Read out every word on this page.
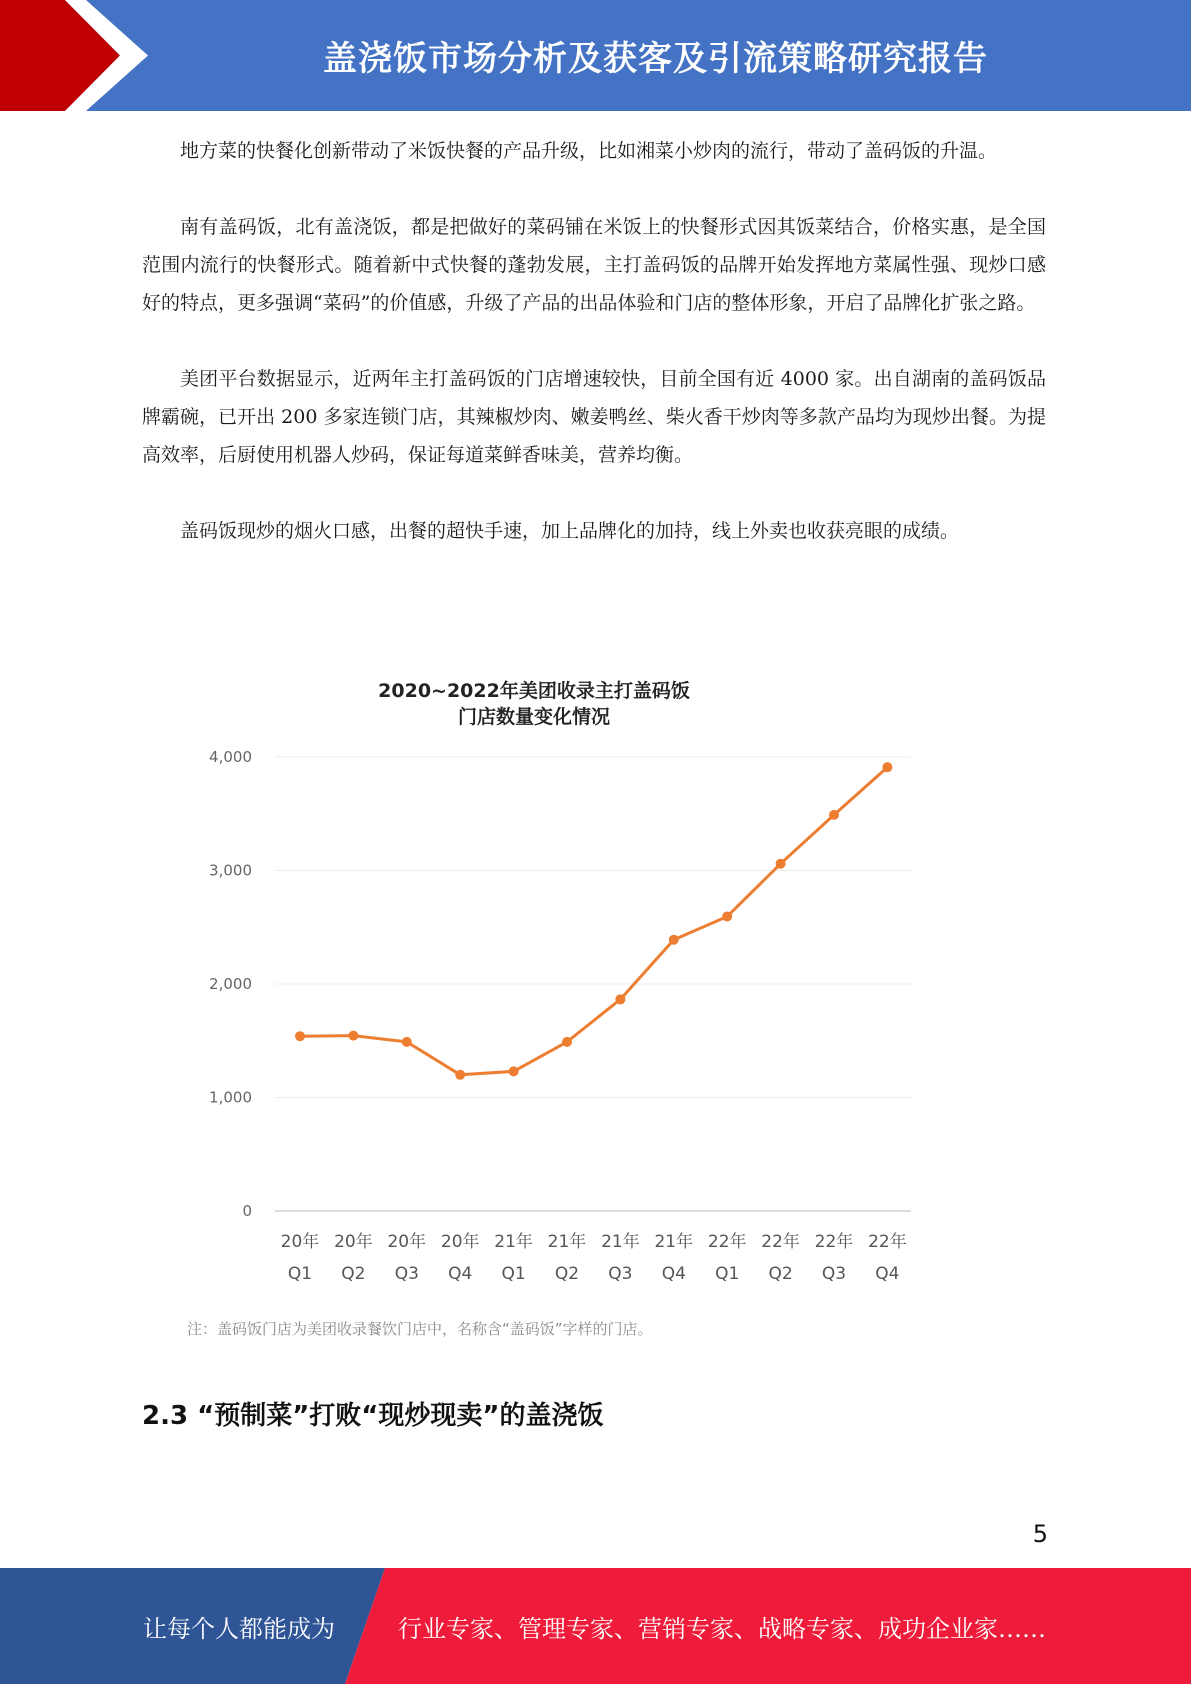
盖浇饭市场分析及获客及引流策略研究报告

地方菜的快餐化创新带动了米饭快餐的产品升级，比如湘菜小炒肉的流行，带动了盖码饭的升温。

南有盖码饭，北有盖浇饭，都是把做好的菜码铺在米饭上的快餐形式因其饭菜结合，价格实惠，是全国范围内流行的快餐形式。随着新中式快餐的蓬勃发展，主打盖码饭的品牌开始发挥地方菜属性强、现炒口感好的特点，更多强调“菜码”的价值感，升级了产品的出品体验和门店的整体形象，开启了品牌化扩张之路。

美团平台数据显示，近两年主打盖码饭的门店增速较快，目前全国有近 4000 家。出自湖南的盖码饭品牌霸碗，已开出 200 多家连锁门店，其辣椒炒肉、嫩姜鸭丝、柴火香干炒肉等多款产品均为现炒出餐。为提高效率，后厨使用机器人炒码，保证每道菜鲜香味美，营养均衡。

盖码饭现炒的烟火口感，出餐的超快手速，加上品牌化的加持，线上外卖也收获亮眼的成绩。

2020~2022年美团收录主打盖码饭
门店数量变化情况
0
1,000
2,000
3,000
4,000
20年
Q1
20年
Q2
20年
Q3
20年
Q4
21年
Q1
21年
Q2
21年
Q3
21年
Q4
22年
Q1
22年
Q2
22年
Q3
22年
Q4
注：盖码饭门店为美团收录餐饮门店中，名称含“盖码饭”字样的门店。
2.3 “预制菜”打败“现炒现卖”的盖浇饭
5
让每个人都能成为	行业专家、管理专家、营销专家、战略专家、成功企业家……
